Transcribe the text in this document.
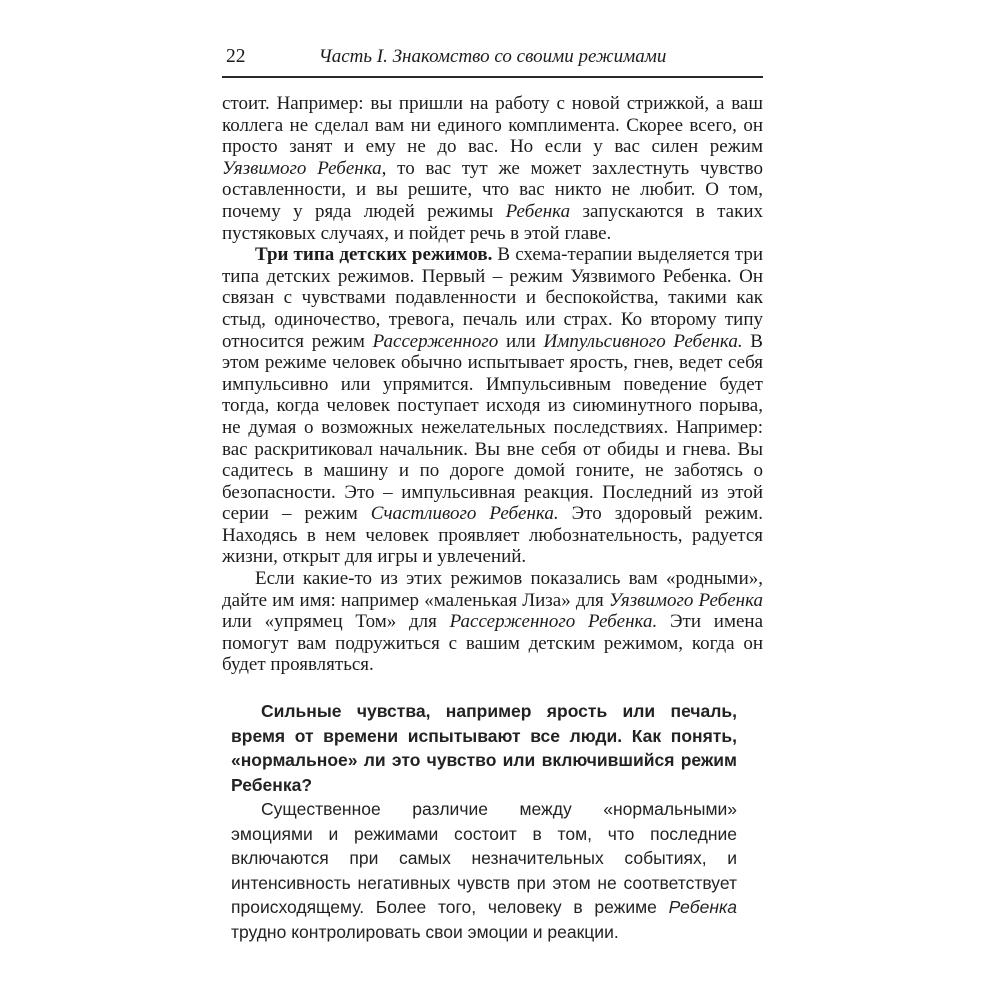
22	Часть I. Знакомство со своими режимами

стоит. Например: вы пришли на работу с новой стрижкой, а ваш коллега не сделал вам ни единого комплимента. Скорее всего, он просто занят и ему не до вас. Но если у вас силен режим Уязвимого Ребенка, то вас тут же может захлестнуть чувство оставленности, и вы решите, что вас никто не любит. О том, почему у ряда людей режимы Ребенка запускаются в таких пустяковых случаях, и пойдет речь в этой главе.

Три типа детских режимов. В схема-терапии выделяется три типа детских режимов. Первый – режим Уязвимого Ребенка. Он связан с чувствами подавленности и беспокойства, такими как стыд, одиночество, тревога, печаль или страх. Ко второму типу относится режим Рассерженного или Импульсивного Ребенка. В этом режиме человек обычно испытывает ярость, гнев, ведет себя импульсивно или упрямится. Импульсивным поведение будет тогда, когда человек поступает исходя из сиюминутного порыва, не думая о возможных нежелательных последствиях. Например: вас раскритиковал начальник. Вы вне себя от обиды и гнева. Вы садитесь в машину и по дороге домой гоните, не заботясь о безопасности. Это – импульсивная реакция. Последний из этой серии – режим Счастливого Ребенка. Это здоровый режим. Находясь в нем человек проявляет любознательность, радуется жизни, открыт для игры и увлечений.

Если какие-то из этих режимов показались вам «родными», дайте им имя: например «маленькая Лиза» для Уязвимого Ребенка или «упрямец Том» для Рассерженного Ребенка. Эти имена помогут вам подружиться с вашим детским режимом, когда он будет проявляться.

Сильные чувства, например ярость или печаль, время от времени испытывают все люди. Как понять, «нормальное» ли это чувство или включившийся режим Ребенка?

Существенное различие между «нормальными» эмоциями и режимами состоит в том, что последние включаются при самых незначительных событиях, и интенсивность негативных чувств при этом не соответствует происходящему. Более того, человеку в режиме Ребенка трудно контролировать свои эмоции и реакции.
